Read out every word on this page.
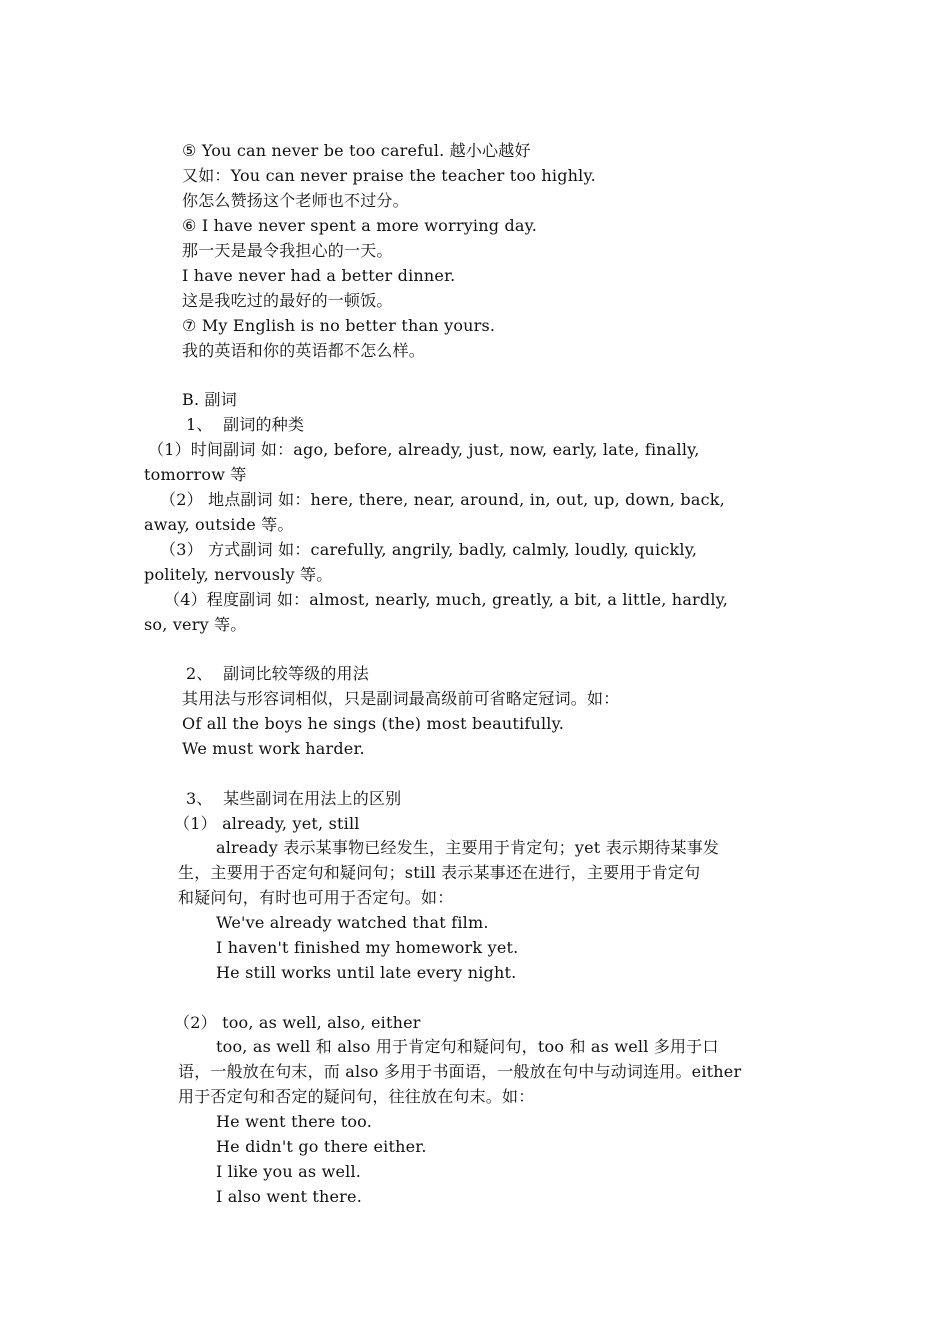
⑤ You can never be too careful. 越小心越好
又如：You can never praise the teacher too highly.
你怎么赞扬这个老师也不过分。
⑥ I have never spent a more worrying day.
那一天是最令我担心的一天。
I have never had a better dinner.
这是我吃过的最好的一顿饭。
⑦ My English is no better than yours.
我的英语和你的英语都不怎么样。
B. 副词
1、  副词的种类
（1）时间副词 如：ago, before, already, just, now, early, late, finally,
tomorrow 等
（2） 地点副词 如：here, there, near, around, in, out, up, down, back,
away, outside 等。
（3） 方式副词 如：carefully, angrily, badly, calmly, loudly, quickly,
politely, nervously 等。
（4）程度副词 如：almost, nearly, much, greatly, a bit, a little, hardly,
so, very 等。
2、  副词比较等级的用法
其用法与形容词相似，只是副词最高级前可省略定冠词。如：
Of all the boys he sings (the) most beautifully.
We must work harder.
3、  某些副词在用法上的区别
（1） already, yet, still
already 表示某事物已经发生，主要用于肯定句；yet 表示期待某事发
生，主要用于否定句和疑问句；still 表示某事还在进行，主要用于肯定句
和疑问句，有时也可用于否定句。如：
We've already watched that film.
I haven't finished my homework yet.
He still works until late every night.
（2） too, as well, also, either
too, as well 和 also 用于肯定句和疑问句，too 和 as well 多用于口
语，一般放在句末，而 also 多用于书面语，一般放在句中与动词连用。either
用于否定句和否定的疑问句，往往放在句末。如：
He went there too.
He didn't go there either.
I like you as well.
I also went there.
